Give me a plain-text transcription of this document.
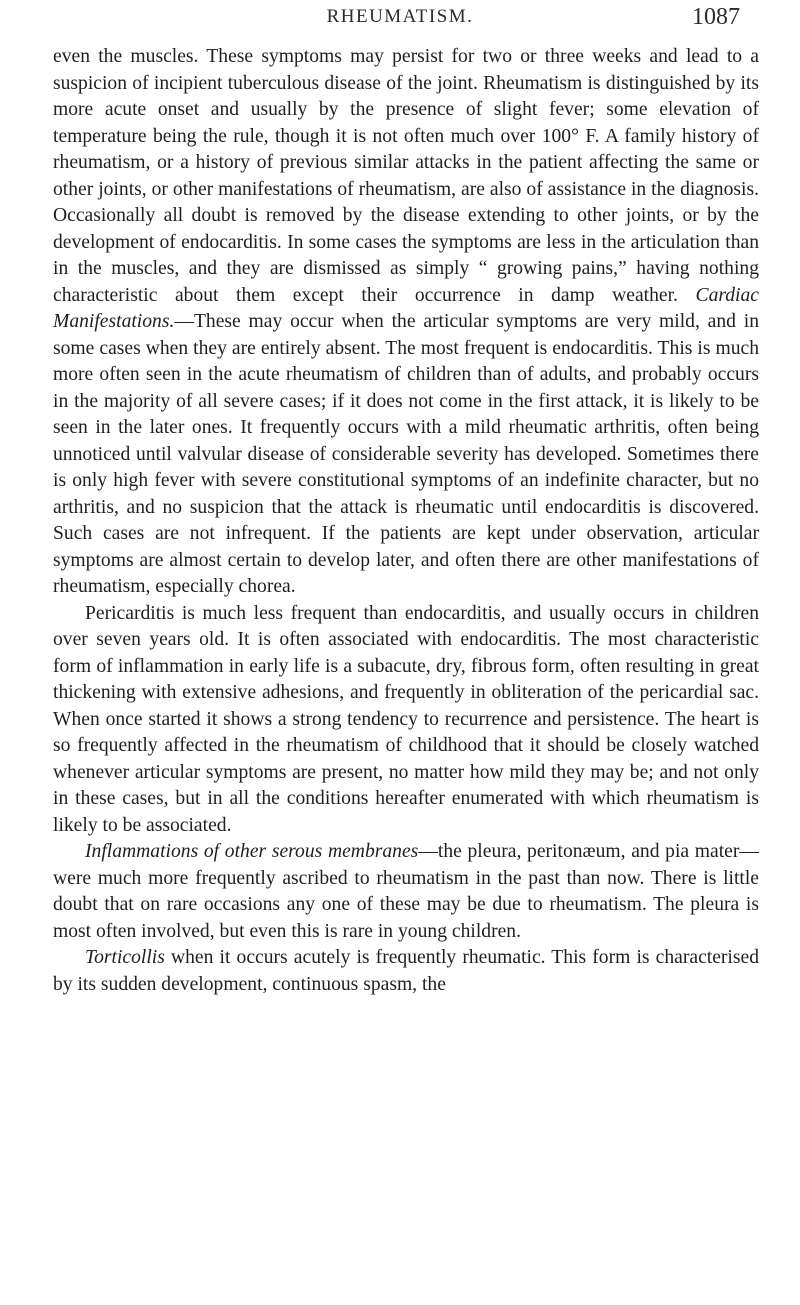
RHEUMATISM.	1087

even the muscles. These symptoms may persist for two or three weeks and lead to a suspicion of incipient tuberculous disease of the joint. Rheumatism is distinguished by its more acute onset and usually by the presence of slight fever; some elevation of temperature being the rule, though it is not often much over 100° F. A family history of rheumatism, or a history of previous similar attacks in the patient affecting the same or other joints, or other manifestations of rheumatism, are also of assistance in the diagnosis. Occasionally all doubt is removed by the disease extending to other joints, or by the development of endocarditis. In some cases the symptoms are less in the articulation than in the muscles, and they are dismissed as simply “ growing pains,” having nothing characteristic about them except their occurrence in damp weather. Cardiac Manifestations.—These may occur when the articular symptoms are very mild, and in some cases when they are entirely absent. The most frequent is endocarditis. This is much more often seen in the acute rheumatism of children than of adults, and probably occurs in the majority of all severe cases; if it does not come in the first attack, it is likely to be seen in the later ones. It frequently occurs with a mild rheumatic arthritis, often being unnoticed until valvular disease of considerable severity has developed. Sometimes there is only high fever with severe constitutional symptoms of an indefinite character, but no arthritis, and no suspicion that the attack is rheumatic until endocarditis is discovered. Such cases are not infrequent. If the patients are kept under observation, articular symptoms are almost certain to develop later, and often there are other manifestations of rheumatism, especially chorea.

Pericarditis is much less frequent than endocarditis, and usually occurs in children over seven years old. It is often associated with endocarditis. The most characteristic form of inflammation in early life is a subacute, dry, fibrous form, often resulting in great thickening with extensive adhesions, and frequently in obliteration of the pericardial sac. When once started it shows a strong tendency to recurrence and persistence. The heart is so frequently affected in the rheumatism of childhood that it should be closely watched whenever articular symptoms are present, no matter how mild they may be; and not only in these cases, but in all the conditions hereafter enumerated with which rheumatism is likely to be associated.

Inflammations of other serous membranes—the pleura, peritonæum, and pia mater—were much more frequently ascribed to rheumatism in the past than now. There is little doubt that on rare occasions any one of these may be due to rheumatism. The pleura is most often involved, but even this is rare in young children.

Torticollis when it occurs acutely is frequently rheumatic. This form is characterised by its sudden development, continuous spasm, the
